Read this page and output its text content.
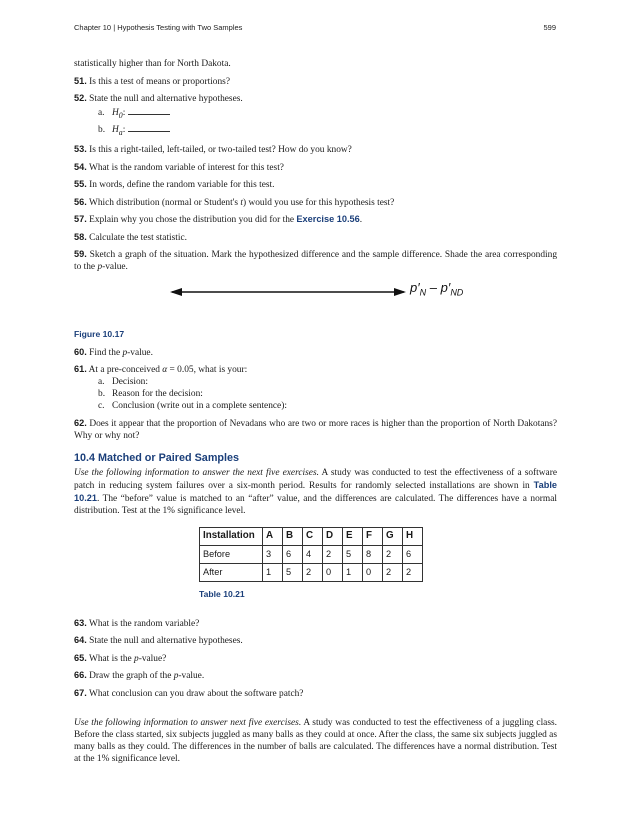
Chapter 10 | Hypothesis Testing with Two Samples	599

statistically higher than for North Dakota.

51. Is this a test of means or proportions?

52. State the null and alternative hypotheses.

a. $H_0$:
b. $H_a$:

53. Is this a right-tailed, left-tailed, or two-tailed test? How do you know?

54. What is the random variable of interest for this test?

55. In words, define the random variable for this test.

56. Which distribution (normal or Student's t) would you use for this hypothesis test?

57. Explain why you chose the distribution you did for the Exercise 10.56.

58. Calculate the test statistic.

59. Sketch a graph of the situation. Mark the hypothesized difference and the sample difference. Shade the area corresponding to the p-value.

$p'_N - p'_{ND}$

Figure 10.17

60. Find the p-value.

61. At a pre-conceived α = 0.05, what is your:

a. Decision:
b. Reason for the decision:
c. Conclusion (write out in a complete sentence):

62. Does it appear that the proportion of Nevadans who are two or more races is higher than the proportion of North Dakotans? Why or why not?

10.4 Matched or Paired Samples

Use the following information to answer the next five exercises. A study was conducted to test the effectiveness of a software patch in reducing system failures over a six-month period. Results for randomly selected installations are shown in Table 10.21. The “before” value is matched to an “after” value, and the differences are calculated. The differences have a normal distribution. Test at the 1% significance level.

Installation	A	B	C	D	E	F	G	H
Before	3	6	4	2	5	8	2	6
After	1	5	2	0	1	0	2	2

Table 10.21

63. What is the random variable?

64. State the null and alternative hypotheses.

65. What is the p-value?

66. Draw the graph of the p-value.

67. What conclusion can you draw about the software patch?

Use the following information to answer next five exercises. A study was conducted to test the effectiveness of a juggling class. Before the class started, six subjects juggled as many balls as they could at once. After the class, the same six subjects juggled as many balls as they could. The differences in the number of balls are calculated. The differences have a normal distribution. Test at the 1% significance level.
